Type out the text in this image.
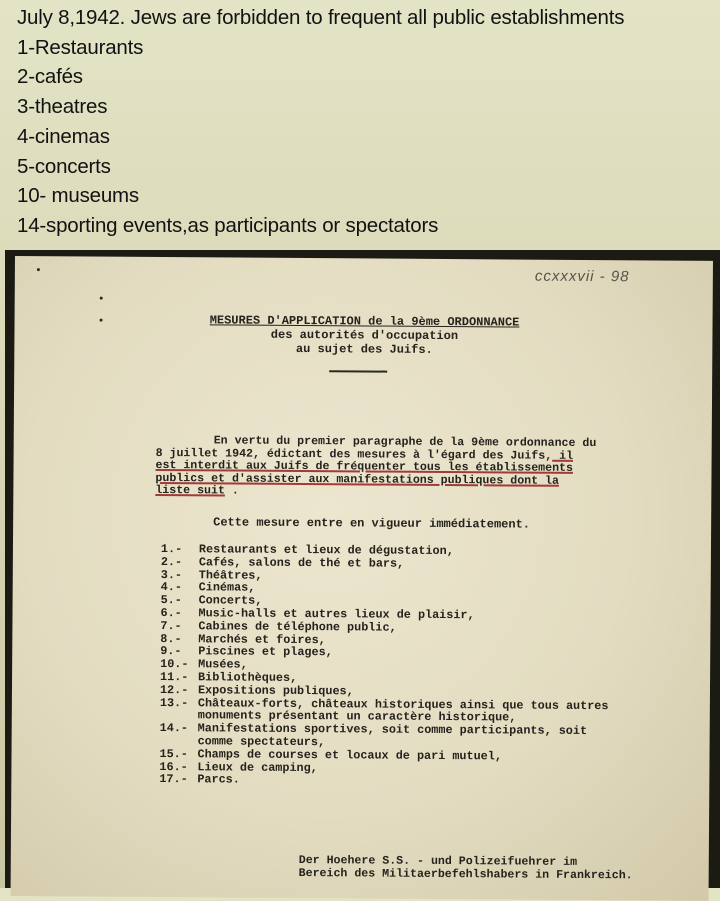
July 8,1942. Jews are forbidden to frequent all public establishments
1-Restaurants
2-cafés
3-theatres
4-cinemas
5-concerts
10- museums
14-sporting events,as participants or spectators
ccxxxvii - 98
MESURES D'APPLICATION de la 9ème ORDONNANCE
des autorités d'occupation
au sujet des Juifs.
En vertu du premier paragraphe de la 9ème ordonnance du
8 juillet 1942, édictant des mesures à l'égard des Juifs, il
est interdit aux Juifs de fréquenter tous les établissements
publics et d'assister aux manifestations publiques dont la
liste suit .
Cette mesure entre en vigueur immédiatement.
1.-	Restaurants et lieux de dégustation,
2.-	Cafés, salons de thé et bars,
3.-	Théâtres,
4.-	Cinémas,
5.-	Concerts,
6.-	Music-halls et autres lieux de plaisir,
7.-	Cabines de téléphone public,
8.-	Marchés et foires,
9.-	Piscines et plages,
10.- Musées,
11.- Bibliothèques,
12.- Expositions publiques,
13.- Châteaux-forts, châteaux historiques ainsi que tous autres
monuments présentant un caractère historique,
14.- Manifestations sportives, soit comme participants, soit
comme spectateurs,
15.- Champs de courses et locaux de pari mutuel,
16.- Lieux de camping,
17.- Parcs.
Der Hoehere S.S. - und Polizeifuehrer im
Bereich des Militaerbefehlshabers in Frankreich.
